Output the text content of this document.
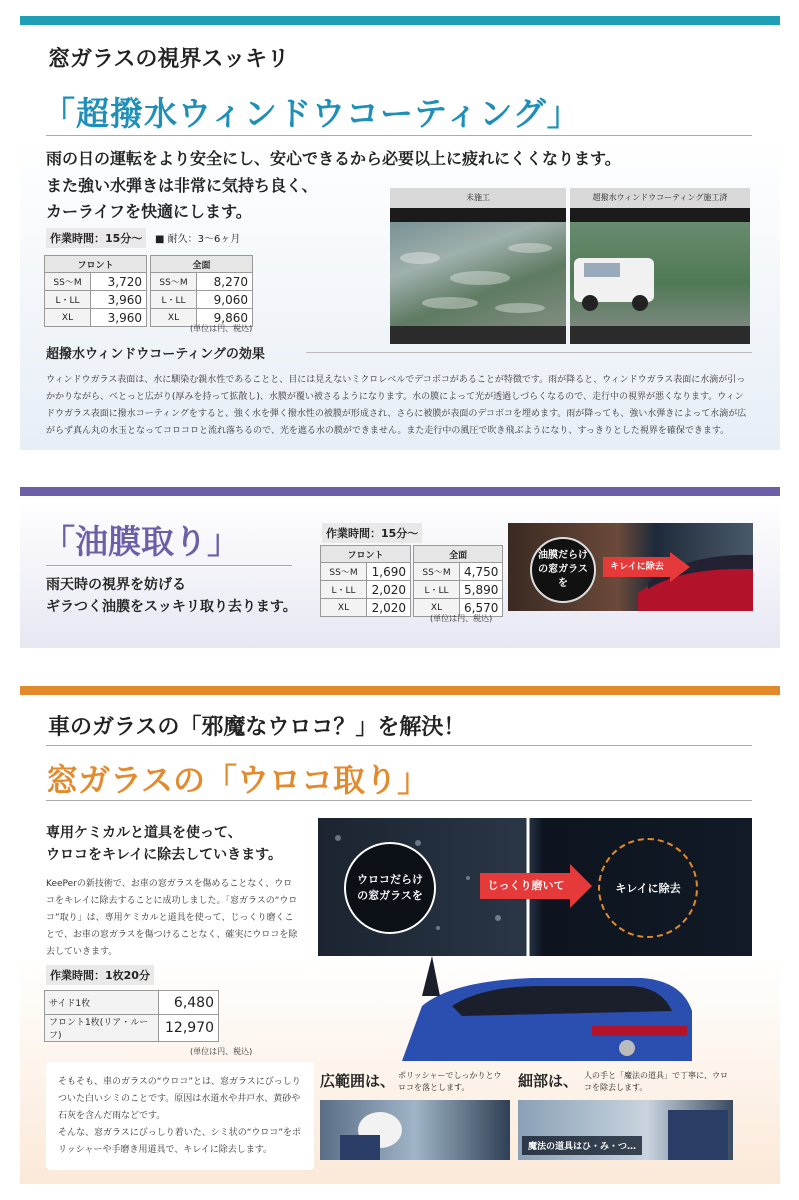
窓ガラスの視界スッキリ
「超撥水ウィンドウコーティング」
雨の日の運転をより安全にし、安心できるから必要以上に疲れにくくなります。
また強い水弾きは非常に気持ち良く、
カーライフを快適にします。
作業時間：15分～	■ 耐久：3～6ヶ月
フロント	
SS～M	3,720
L・LL	3,960
XL	3,960
全面	
SS～M	8,270
L・LL	9,060
XL	9,860
(単位は円、税込)
未施工	超撥水ウィンドウコーティング施工済
超撥水ウィンドウコーティングの効果
ウィンドウガラス表面は、水に馴染む親水性であることと、目には見えないミクロレベルでデコボコがあることが特徴です。雨が降ると、ウィンドウガラス表面に水滴が引っかかりながら、べとっと広がり(厚みを持って拡散し)、水膜が覆い被さるようになります。水の膜によって光が透過しづらくなるので、走行中の視界が悪くなります。ウィンドウガラス表面に撥水コーティングをすると、強く水を弾く撥水性の被膜が形成され、さらに被膜が表面のデコボコを埋めます。雨が降っても、強い水弾きによって水滴が広がらず真ん丸の水玉となってコロコロと流れ落ちるので、光を遮る水の膜ができません。また走行中の風圧で吹き飛ぶようになり、すっきりとした視界を確保できます。
「油膜取り」
雨天時の視界を妨げる
ギラつく油膜をスッキリ取り去ります。
作業時間：15分～
フロント	
SS～M	1,690
L・LL	2,020
XL	2,020
全面	
SS～M	4,750
L・LL	5,890
XL	6,570
(単位は円、税込)
油膜だらけの窓ガラスを
キレイに除去
車のガラスの「邪魔なウロコ？」を解決！
窓ガラスの「ウロコ取り」
専用ケミカルと道具を使って、
ウロコをキレイに除去していきます。
KeePerの新技術で、お車の窓ガラスを傷めることなく、ウロコをキレイに除去することに成功しました。「窓ガラスの“ウロコ”取り」は、専用ケミカルと道具を使って、じっくり磨くことで、お車の窓ガラスを傷つけることなく、確実にウロコを除去していきます。
作業時間：1枚20分
サイド1枚	6,480
フロント1枚(リア・ルーフ)	12,970
(単位は円、税込)
ウロコだらけの窓ガラスを
じっくり磨いて	キレイに除去
そもそも、車のガラスの“ウロコ”とは、窓ガラスにびっしりついた白いシミのことです。原因は水道水や井戸水、黄砂や石灰を含んだ雨などです。
そんな、窓ガラスにびっしり着いた、シミ状の“ウロコ”をポリッシャーや手磨き用道具で、キレイに除去します。
広範囲は、 ポリッシャーでしっかりとウロコを落とします。	細部は、 人の手と「魔法の道具」で丁寧に、ウロコを除去します。
魔法の道具はひ・み・つ…
